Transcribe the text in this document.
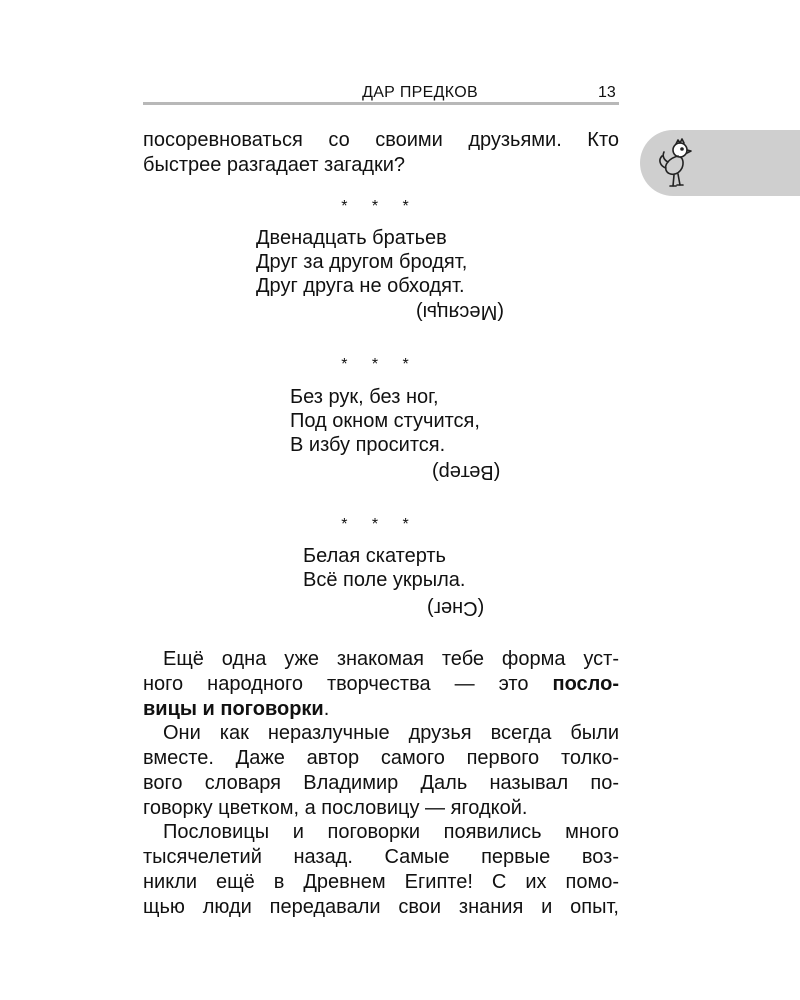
ДАР ПРЕДКОВ	13
посоревноваться со своими друзьями. Кто
быстрее разгадает загадки?
* * *
Двенадцать братьев
Друг за другом бродят,
Друг друга не обходят.
(Месяцы)
* * *
Без рук, без ног,
Под окном стучится,
В избу просится.
(Ветер)
* * *
Белая скатерть
Всё поле укрыла.
(Снег)
Ещё одна уже знакомая тебе форма уст-
ного народного творчества — это посло-
вицы и поговорки.
Они как неразлучные друзья всегда были
вместе. Даже автор самого первого толко-
вого словаря Владимир Даль называл по-
говорку цветком, а пословицу — ягодкой.
Пословицы и поговорки появились много
тысячелетий назад. Самые первые воз-
никли ещё в Древнем Египте! С их помо-
щью люди передавали свои знания и опыт,
